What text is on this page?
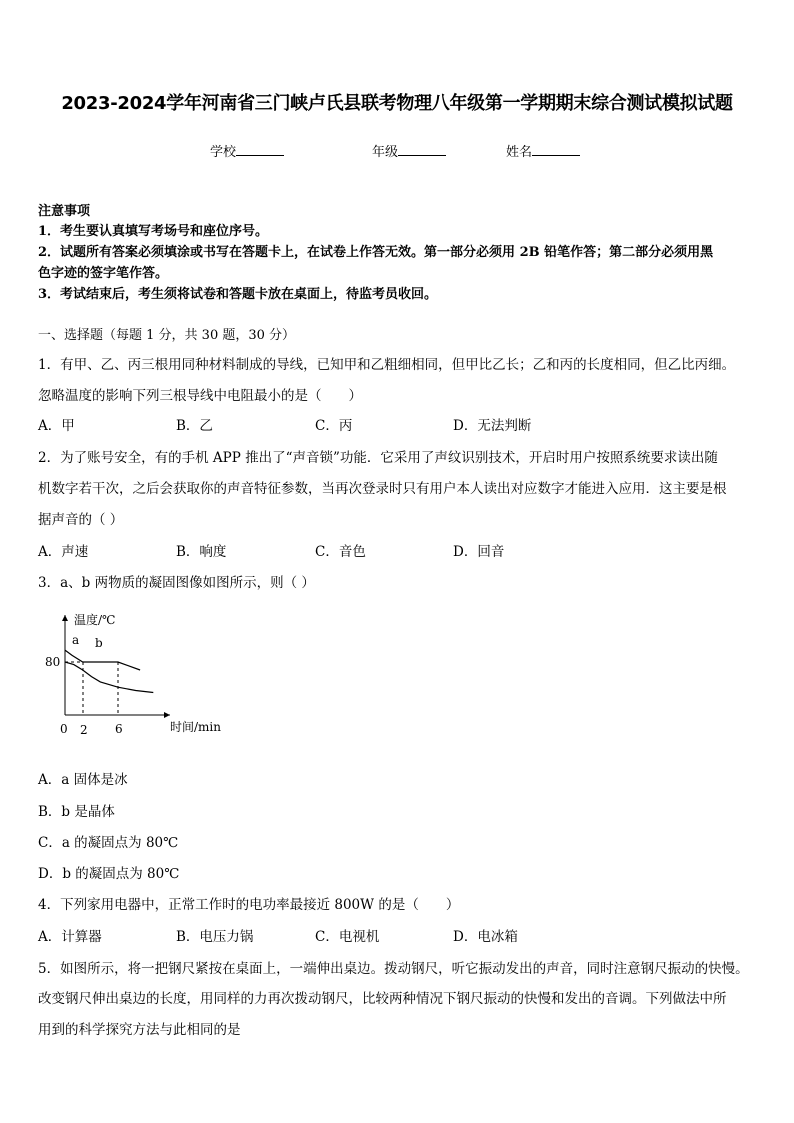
2023-2024学年河南省三门峡卢氏县联考物理八年级第一学期期末综合测试模拟试题
学校	年级	姓名
注意事项
1．考生要认真填写考场号和座位序号。
2．试题所有答案必须填涂或书写在答题卡上，在试卷上作答无效。第一部分必须用 2B 铅笔作答；第二部分必须用黑
色字迹的签字笔作答。
3．考试结束后，考生须将试卷和答题卡放在桌面上，待监考员收回。
一、选择题（每题 1 分，共 30 题，30 分）
1．有甲、乙、丙三根用同种材料制成的导线，已知甲和乙粗细相同，但甲比乙长；乙和丙的长度相同，但乙比丙细。
忽略温度的影响下列三根导线中电阻最小的是（　　）
A．甲	B．乙	C．丙	D．无法判断
2．为了账号安全，有的手机 APP 推出了“声音锁”功能．它采用了声纹识别技术，开启时用户按照系统要求读出随
机数字若干次，之后会获取你的声音特征参数，当再次登录时只有用户本人读出对应数字才能进入应用．这主要是根
据声音的（ ）
A．声速	B．响度	C．音色	D．回音
3．a、b 两物质的凝固图像如图所示，则（ ）
a b
温度/℃
时间/min
80
0 2 6
A．a 固体是冰
B．b 是晶体
C．a 的凝固点为 80℃
D．b 的凝固点为 80℃
4．下列家用电器中，正常工作时的电功率最接近 800W 的是（　　）
A．计算器	B．电压力锅	C．电视机	D．电冰箱
5．如图所示，将一把钢尺紧按在桌面上，一端伸出桌边。拨动钢尺，听它振动发出的声音，同时注意钢尺振动的快慢。
改变钢尺伸出桌边的长度，用同样的力再次拨动钢尺，比较两种情况下钢尺振动的快慢和发出的音调。下列做法中所
用到的科学探究方法与此相同的是
